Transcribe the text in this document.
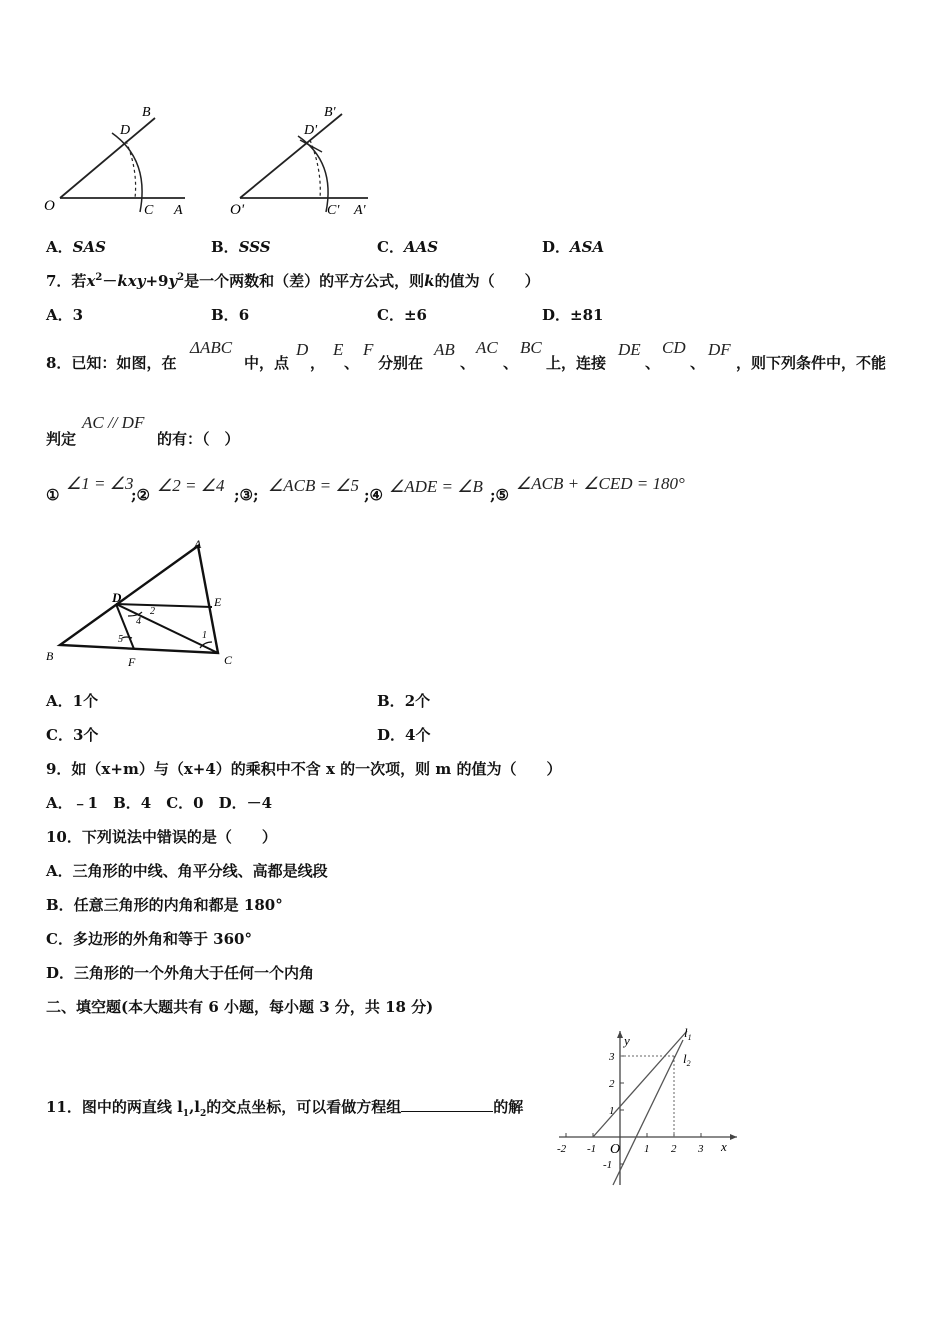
O	C A
D
B
O'	C' A'
D'
B'
A．SAS	B．SSS	C．AAS	D．ASA
7．若$x^2-kxy+9y^2$是一个两数和（差）的平方公式，则k的值为（　　）
A．3	B．6	C．±6	D．±81
8．已知：如图，在
ΔABC
中，点
D
，
E
、
F
分别在
AB
、
AC
、
BC
上，连接
DE
、
CD
、
DF
，则下列条件中，不能
判定
AC // DF
的有：（　）
①
∠1 = ∠3
;② ∠2 = ∠4 ;③; ∠ACB = ∠5 ;④ ∠ADE = ∠B ;⑤
∠ACB + ∠CED = 180°
A
B	C
D	E
F
2
4
1
5
A．1个	B．2个
C．3个	D．4个
9．如（x+m）与（x+4）的乘积中不含 x 的一次项，则 m 的值为（　　）
A．﹣1　B．4　C．0　D．－4
10．下列说法中错误的是（　　）
A．三角形的中线、角平分线、高都是线段
B．任意三角形的内角和都是 180°
C．多边形的外角和等于 360°
D．三角形的一个外角大于任何一个内角
二、填空题(本大题共有 6 小题，每小题 3 分，共 18 分)
11．图中的两直线 $l_1,l_2$的交点坐标，可以看做方程组	的解
y
x
$l_1$
$l_2$
3
2
1
-1
-2 -1	1 2 3
O
